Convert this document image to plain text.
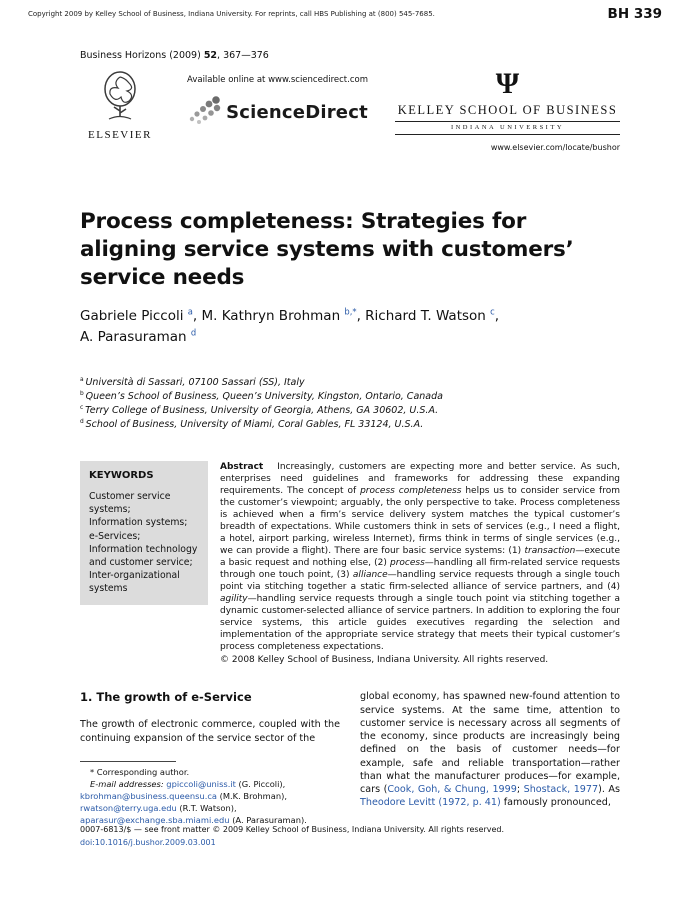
Copyright 2009 by Kelley School of Business, Indiana University. For reprints, call HBS Publishing at (800) 545-7685.	BH 339
Business Horizons (2009) 52, 367—376
ELSEVIER
Available online at www.sciencedirect.com
ScienceDirect
Ψ
KELLEY SCHOOL OF BUSINESS
INDIANA UNIVERSITY
www.elsevier.com/locate/bushor
Process completeness: Strategies for aligning service systems with customers’ service needs
Gabriele Piccoli $^a$, M. Kathryn Brohman $^{b,*}$, Richard T. Watson $^c$,
A. Parasuraman $^d$
$^a$ Università di Sassari, 07100 Sassari (SS), Italy
$^b$ Queen’s School of Business, Queen’s University, Kingston, Ontario, Canada
$^c$ Terry College of Business, University of Georgia, Athens, GA 30602, U.S.A.
$^d$ School of Business, University of Miami, Coral Gables, FL 33124, U.S.A.
KEYWORDS
Customer service systems;
Information systems;
e-Services;
Information technology and customer service;
Inter-organizational systems

Abstract   Increasingly, customers are expecting more and better service. As such, enterprises need guidelines and frameworks for addressing these expanding requirements. The concept of process completeness helps us to consider service from the customer’s viewpoint; arguably, the only perspective to take. Process completeness is achieved when a firm’s service delivery system matches the typical customer’s breadth of expectations. While customers think in sets of services (e.g., I need a flight, a hotel, airport parking, wireless Internet), firms think in terms of single services (e.g., we can provide a flight). There are four basic service systems: (1) transaction—execute a basic request and nothing else, (2) process—handling all firm-related service requests through one touch point, (3) alliance—handling service requests through a single touch point via stitching together a static firm-selected alliance of service partners, and (4) agility—handling service requests through a single touch point via stitching together a dynamic customer-selected alliance of service partners. In addition to exploring the four service systems, this article guides executives regarding the selection and implementation of the appropriate service strategy that meets their typical customer’s process completeness expectations.

© 2008 Kelley School of Business, Indiana University. All rights reserved.
1. The growth of e-Service

The growth of electronic commerce, coupled with the continuing expansion of the service sector of the

* Corresponding author.

E-mail addresses: gpiccoli@uniss.it (G. Piccoli), kbrohman@business.queensu.ca (M.K. Brohman), rwatson@terry.uga.edu (R.T. Watson), aparasur@exchange.sba.miami.edu (A. Parasuraman).

global economy, has spawned new-found attention to service systems. At the same time, attention to customer service is necessary across all segments of the economy, since products are increasingly being defined on the basis of customer needs—for example, safe and reliable transportation—rather than what the manufacturer produces—for example, cars (Cook, Goh, & Chung, 1999; Shostack, 1977). As Theodore Levitt (1972, p. 41) famously pronounced,

0007-6813/$ — see front matter © 2009 Kelley School of Business, Indiana University. All rights reserved.
doi:10.1016/j.bushor.2009.03.001
